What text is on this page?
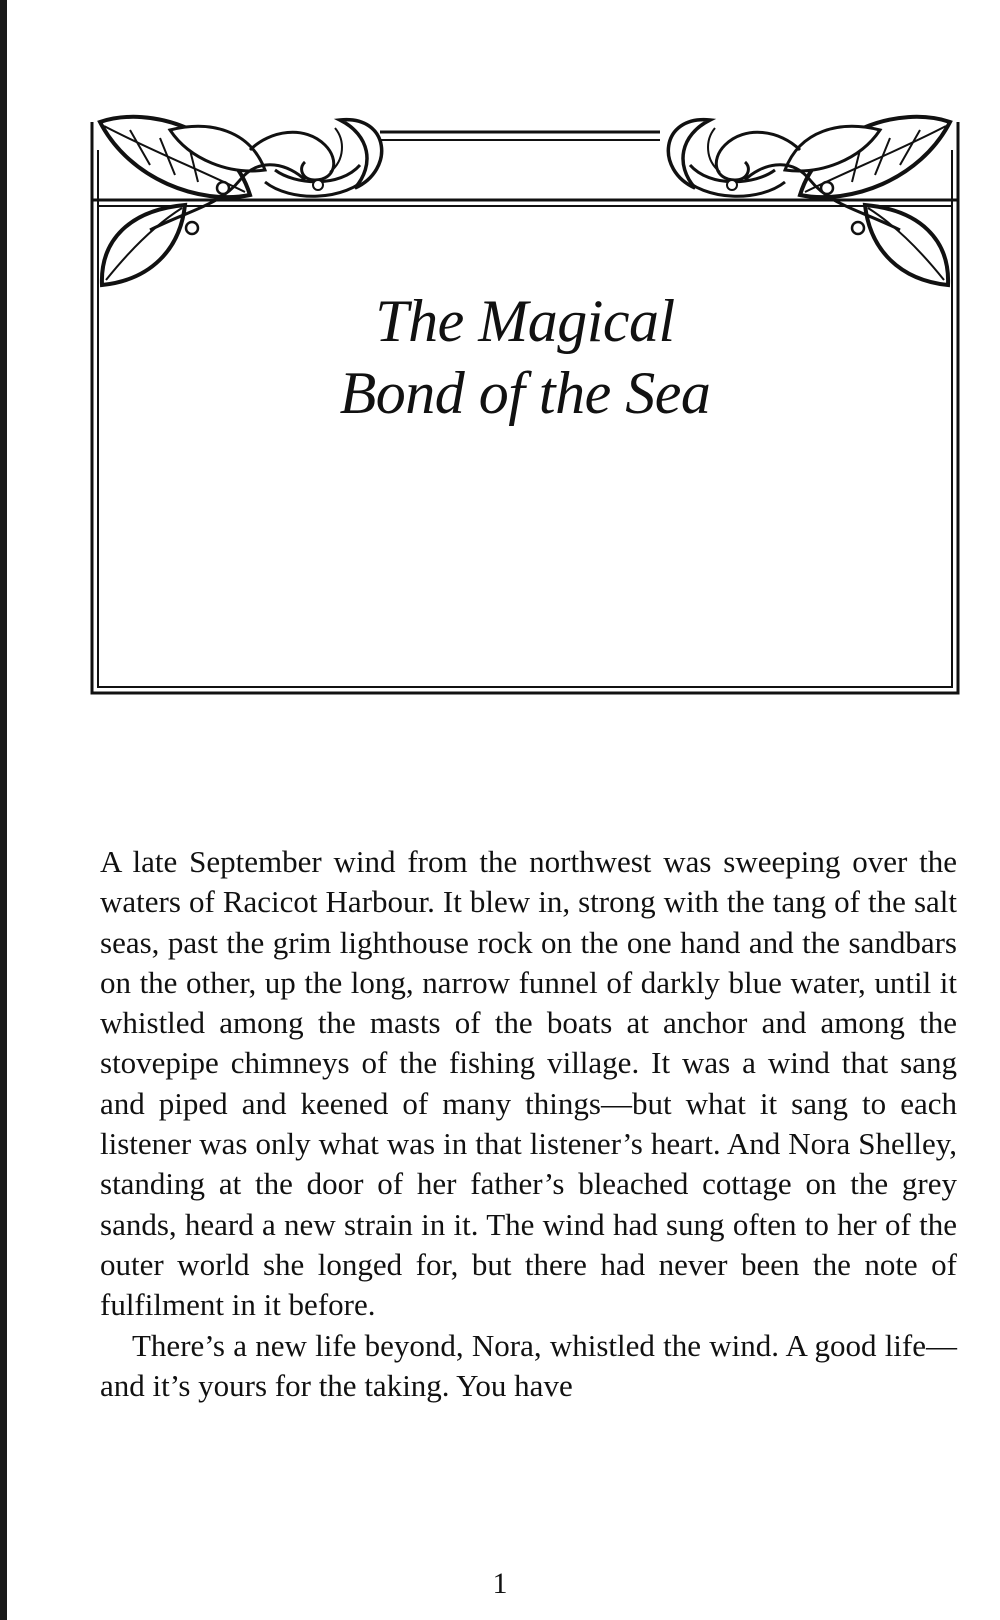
The Magical
Bond of the Sea

A late September wind from the northwest was sweeping over the waters of Racicot Harbour. It blew in, strong with the tang of the salt seas, past the grim lighthouse rock on the one hand and the sandbars on the other, up the long, narrow funnel of darkly blue water, until it whistled among the masts of the boats at anchor and among the stovepipe chimneys of the fishing village. It was a wind that sang and piped and keened of many things—but what it sang to each listener was only what was in that listener’s heart. And Nora Shelley, standing at the door of her father’s bleached cottage on the grey sands, heard a new strain in it. The wind had sung often to her of the outer world she longed for, but there had never been the note of fulfilment in it before.

There’s a new life beyond, Nora, whistled the wind. A good life—and it’s yours for the taking. You have

1
